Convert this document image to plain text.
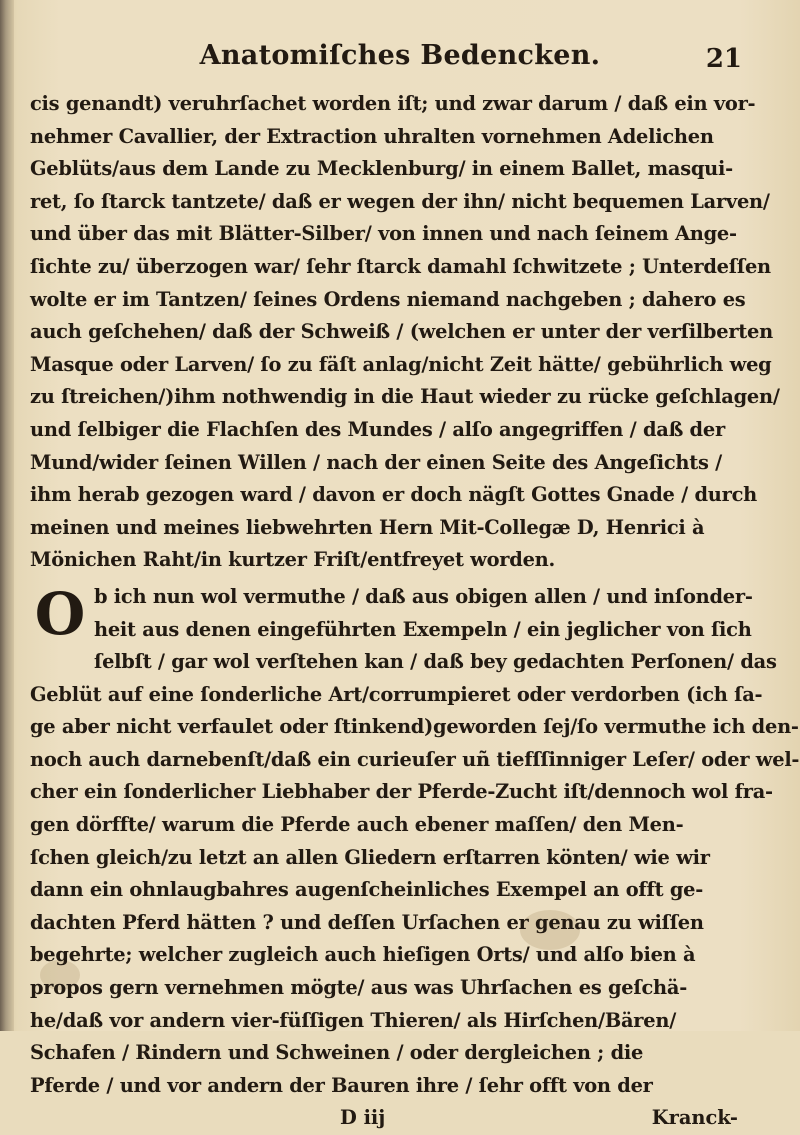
Anatomiſches Bedencken.	21
cis genandt) veruhrſachet worden iſt; und zwar darum / daß ein vor-
nehmer Cavallier, der Extraction uhralten vornehmen Adelichen
Geblüts/aus dem Lande zu Mecklenburg/ in einem Ballet, masqui-
ret, ſo ſtarck tantzete/ daß er wegen der ihn/ nicht bequemen Larven/
und über das mit Blätter-Silber/ von innen und nach ſeinem Ange-
ſichte zu/ überzogen war/ ſehr ſtarck damahl ſchwitzete ; Unterdeſſen
wolte er im Tantzen/ ſeines Ordens niemand nachgeben ; dahero es
auch geſchehen/ daß der Schweiß / (welchen er unter der verſilberten
Masque oder Larven/ ſo zu fäſt anlag/nicht Zeit hätte/ gebührlich weg
zu ſtreichen/)ihm nothwendig in die Haut wieder zu rücke geſchlagen/
und ſelbiger die Flachſen des Mundes / alſo angegriffen / daß der
Mund/wider ſeinen Willen / nach der einen Seite des Angeſichts /
ihm herab gezogen ward / davon er doch nägſt Gottes Gnade / durch
meinen und meines liebwehrten Hern Mit-Collegæ D, Henrici à
Mönichen Raht/in kurtzer Friſt/entfreyet worden.
O b ich nun wol vermuthe / daß aus obigen allen / und inſonder-
heit aus denen eingeführten Exempeln / ein jeglicher von ſich
ſelbſt / gar wol verſtehen kan / daß bey gedachten Perſonen/ das
Geblüt auf eine ſonderliche Art/corrumpieret oder verdorben (ich ſa-
ge aber nicht verfaulet oder ſtinkend)geworden ſej/ſo vermuthe ich den-
noch auch darnebenſt/daß ein curieuſer uñ tiefſſinniger Leſer/ oder wel-
cher ein ſonderlicher Liebhaber der Pferde-Zucht iſt/dennoch wol fra-
gen dörffte/ warum die Pferde auch ebener maſſen/ den Men-
ſchen gleich/zu letzt an allen Gliedern erſtarren könten/ wie wir
dann ein ohnlaugbahres augenſcheinliches Exempel an offt ge-
dachten Pferd hätten ? und deſſen Urſachen er genau zu wiſſen
begehrte; welcher zugleich auch hieſigen Orts/ und alſo bien à
propos gern vernehmen mögte/ aus was Uhrſachen es geſchä-
he/daß vor andern vier-füſſigen Thieren/ als Hirſchen/Bären/
Schafen / Rindern und Schweinen / oder dergleichen ; die
Pferde / und vor andern der Bauren ihre / ſehr offt von der
D iij	Kranck-
